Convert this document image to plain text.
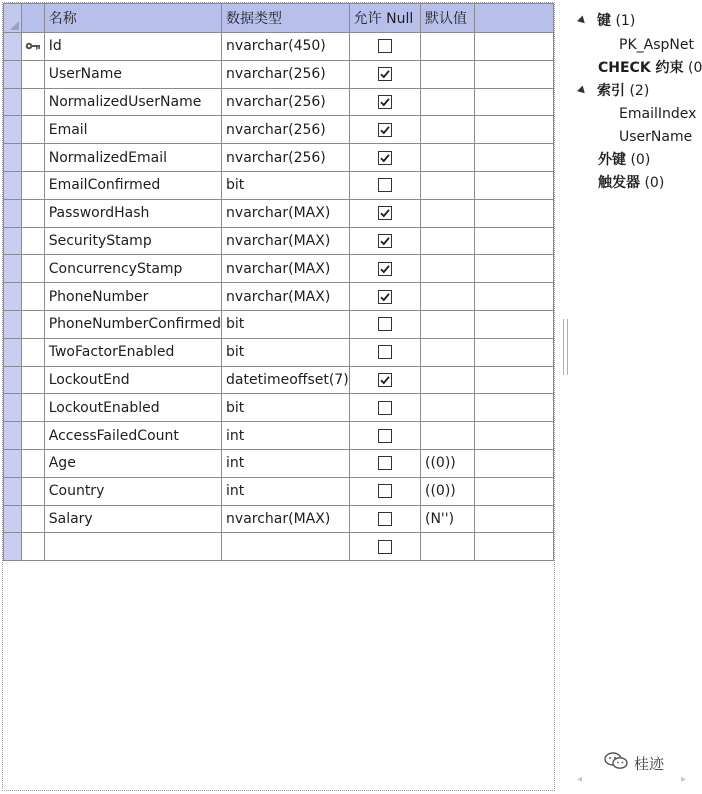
		名称	数据类型	允许 Null	默认值	
		Id	nvarchar(450)			
		UserName	nvarchar(256)	

		NormalizedUserName	nvarchar(256)	

		Email	nvarchar(256)	

		NormalizedEmail	nvarchar(256)	

		EmailConfirmed	bit			
		PasswordHash	nvarchar(MAX)	

		SecurityStamp	nvarchar(MAX)	

		ConcurrencyStamp	nvarchar(MAX)	

		PhoneNumber	nvarchar(MAX)	

		PhoneNumberConfirmed	bit			
		TwoFactorEnabled	bit			
		LockoutEnd	datetimeoffset(7)	

		LockoutEnabled	bit			
		AccessFailedCount	int			
		Age	int		((0))	
		Country	int		((0))	
		Salary	nvarchar(MAX)		(N'')	

键 (1)
PK_AspNet
CHECK 约束 (0
索引 (2)
EmailIndex
UserName
外键 (0)
触发器 (0)
◂	▸
桂迹
